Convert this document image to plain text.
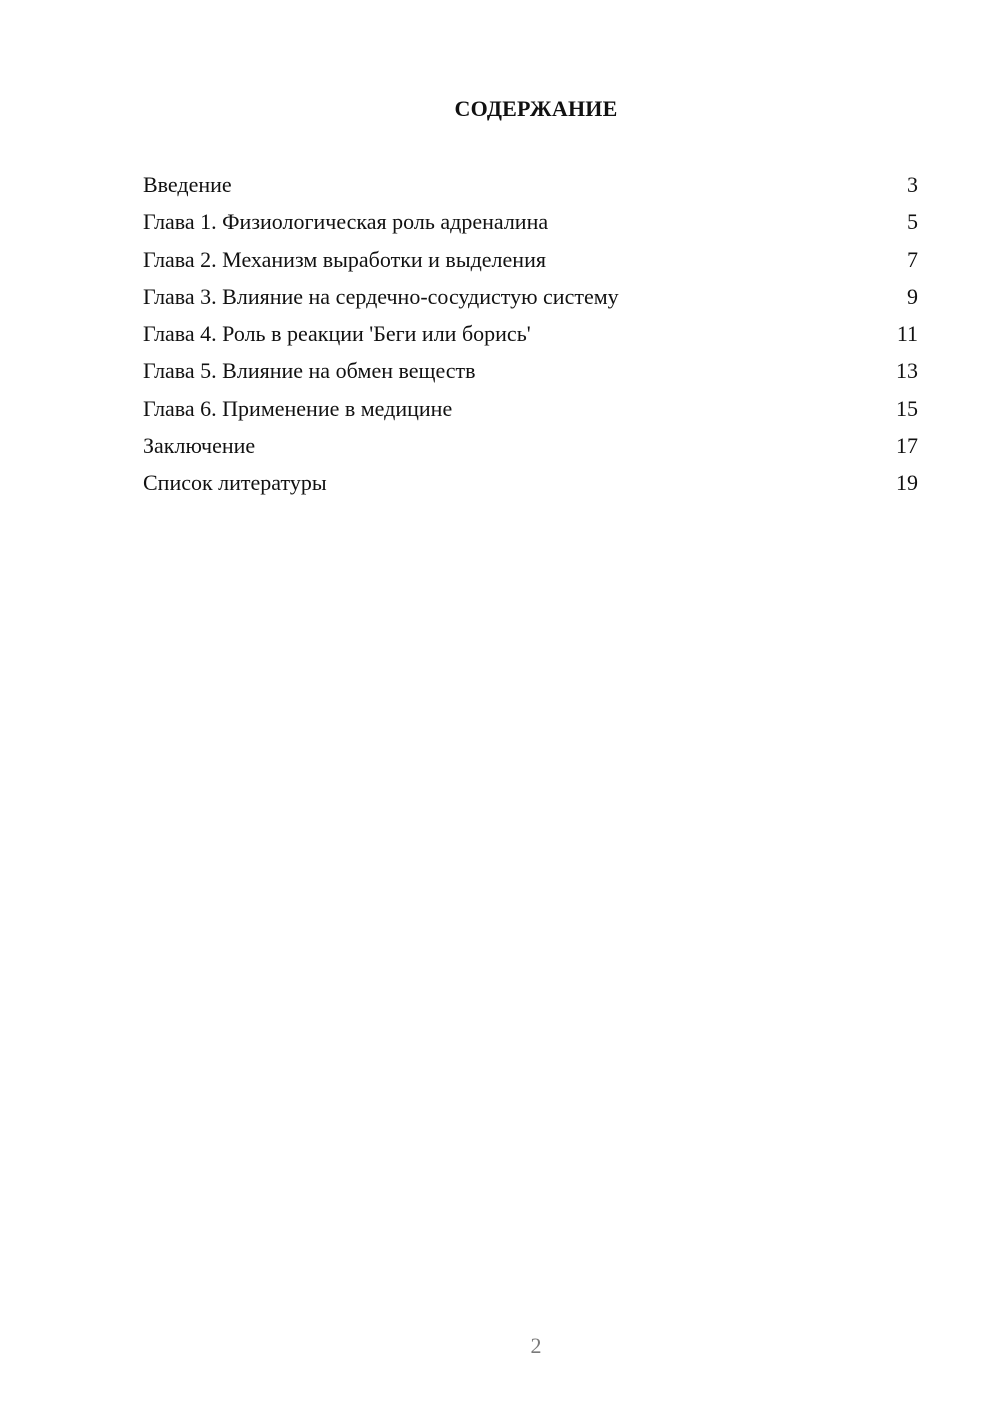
СОДЕРЖАНИЕ
Введение	3
Глава 1. Физиологическая роль адреналина	5
Глава 2. Механизм выработки и выделения	7
Глава 3. Влияние на сердечно-сосудистую систему	9
Глава 4. Роль в реакции 'Беги или борись'	11
Глава 5. Влияние на обмен веществ	13
Глава 6. Применение в медицине	15
Заключение	17
Список литературы	19
2
